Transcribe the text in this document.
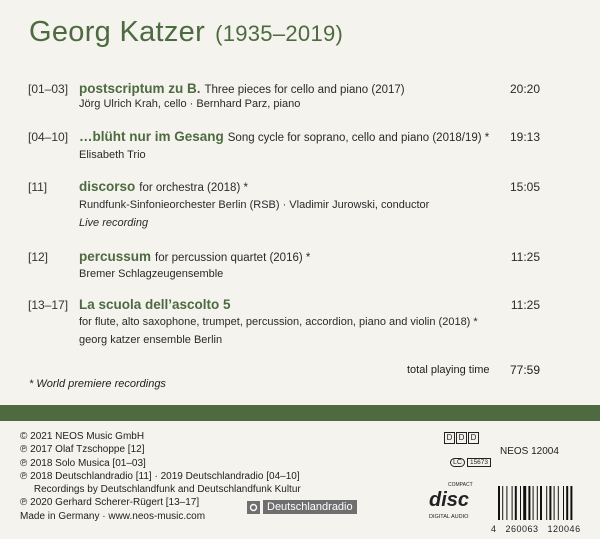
Georg Katzer (1935–2019)
[01–03] postscriptum zu B. Three pieces for cello and piano (2017)	20:20
Jörg Ulrich Krah, cello · Bernhard Parz, piano
[04–10] …blüht nur im Gesang Song cycle for soprano, cello and piano (2018/19) * 19:13
Elisabeth Trio
[11] discorso for orchestra (2018) *	15:05
Rundfunk-Sinfonieorchester Berlin (RSB) · Vladimir Jurowski, conductor
Live recording
[12] percussum for percussion quartet (2016) *	11:25
Bremer Schlagzeugensemble
[13–17] La scuola dell’ascolto 5	11:25
for flute, alto saxophone, trumpet, percussion, accordion, piano and violin (2018) *
georg katzer ensemble Berlin
total playing time 77:59
* World premiere recordings
© 2021 NEOS Music GmbH
℗ 2017 Olaf Tzschoppe [12]
℗ 2018 Solo Musica [01–03]
℗ 2018 Deutschlandradio [11] · 2019 Deutschlandradio [04–10]
Recordings by Deutschlandfunk and Deutschlandfunk Kultur
℗ 2020 Gerhard Scherer-Rügert [13–17]
Made in Germany · www.neos-music.com
Deutschlandradio
D D D
LC	15673
disc
COMPACT
DIGITAL AUDIO
NEOS 12004
4   260063   120046
